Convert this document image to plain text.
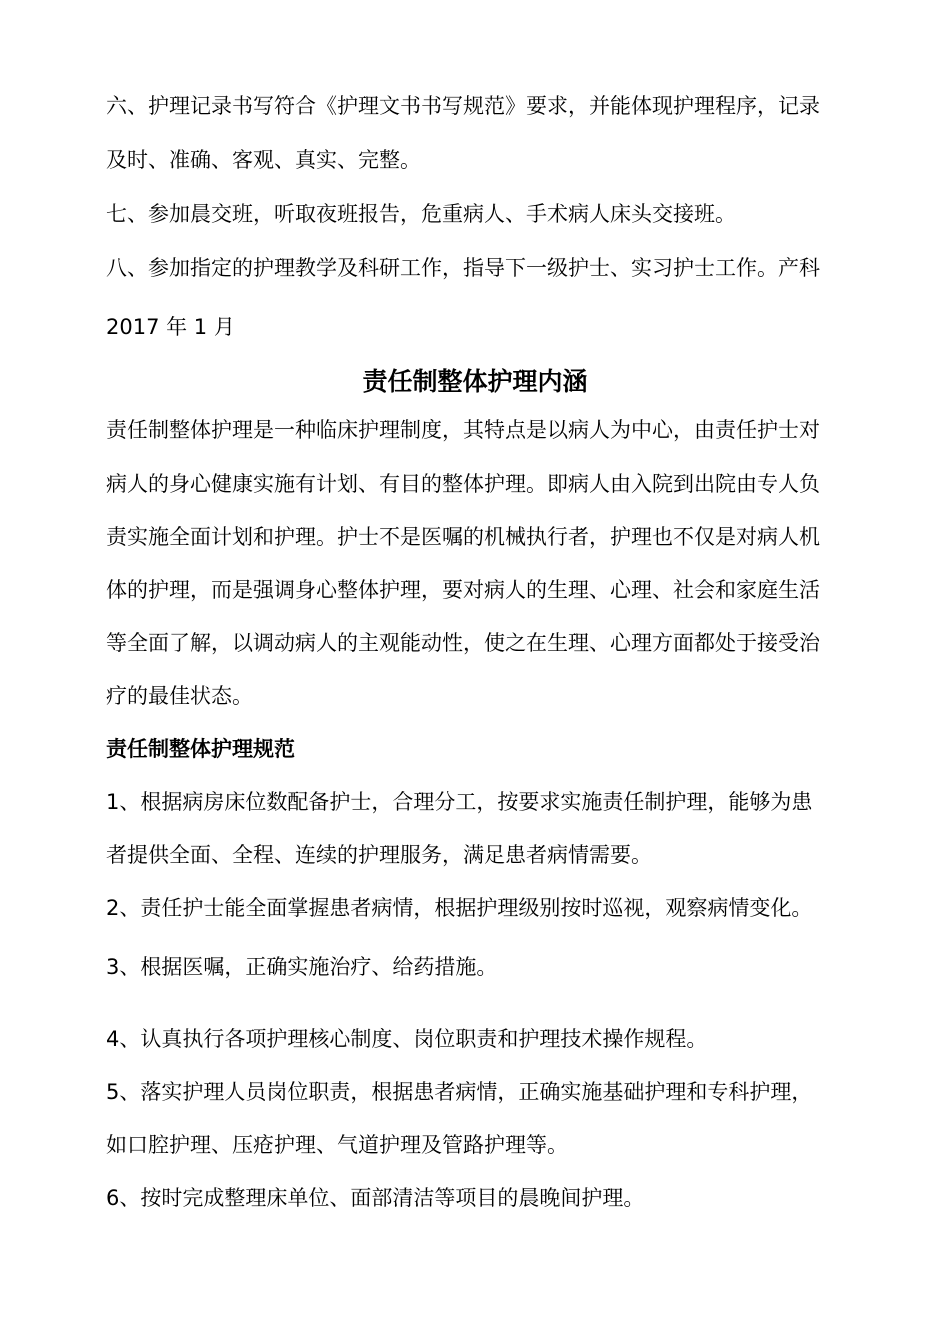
六、护理记录书写符合《护理文书书写规范》要求，并能体现护理程序，记录
及时、准确、客观、真实、完整。
七、参加晨交班，听取夜班报告，危重病人、手术病人床头交接班。
八、参加指定的护理教学及科研工作，指导下一级护士、实习护士工作。产科
2017 年 1 月
责任制整体护理内涵
责任制整体护理是一种临床护理制度，其特点是以病人为中心，由责任护士对
病人的身心健康实施有计划、有目的整体护理。即病人由入院到出院由专人负
责实施全面计划和护理。护士不是医嘱的机械执行者，护理也不仅是对病人机
体的护理，而是强调身心整体护理，要对病人的生理、心理、社会和家庭生活
等全面了解，以调动病人的主观能动性，使之在生理、心理方面都处于接受治
疗的最佳状态。
责任制整体护理规范
1、根据病房床位数配备护士，合理分工，按要求实施责任制护理，能够为患
者提供全面、全程、连续的护理服务，满足患者病情需要。
2、责任护士能全面掌握患者病情，根据护理级别按时巡视，观察病情变化。
3、根据医嘱，正确实施治疗、给药措施。
4、认真执行各项护理核心制度、岗位职责和护理技术操作规程。
5、落实护理人员岗位职责，根据患者病情，正确实施基础护理和专科护理，
如口腔护理、压疮护理、气道护理及管路护理等。
6、按时完成整理床单位、面部清洁等项目的晨晚间护理。
